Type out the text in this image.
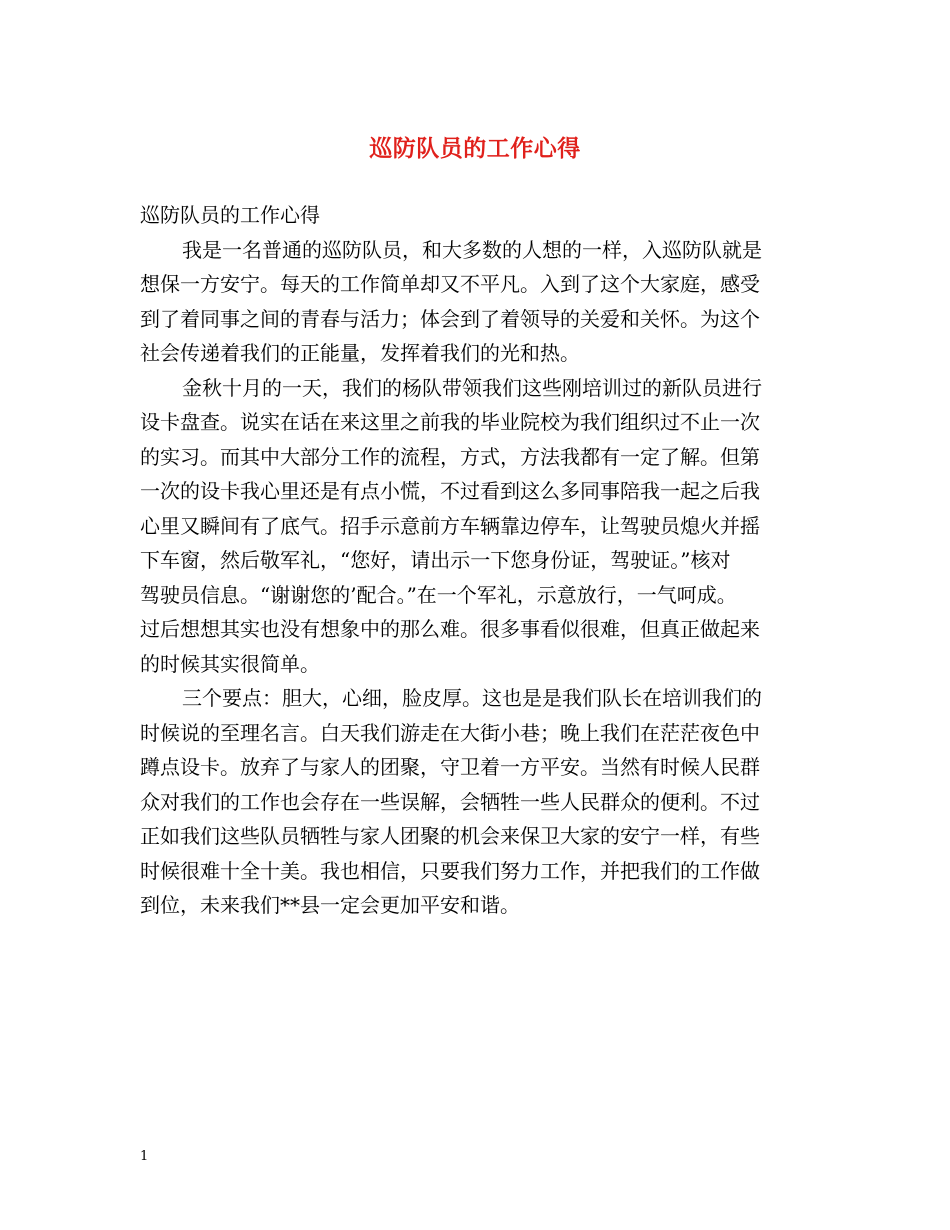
巡防队员的工作心得

巡防队员的工作心得

我是一名普通的巡防队员，和大多数的人想的一样，入巡防队就是
想保一方安宁。每天的工作简单却又不平凡。入到了这个大家庭，感受
到了着同事之间的青春与活力；体会到了着领导的关爱和关怀。为这个
社会传递着我们的正能量，发挥着我们的光和热。

金秋十月的一天，我们的杨队带领我们这些刚培训过的新队员进行
设卡盘查。说实在话在来这里之前我的毕业院校为我们组织过不止一次
的实习。而其中大部分工作的流程，方式，方法我都有一定了解。但第
一次的设卡我心里还是有点小慌，不过看到这么多同事陪我一起之后我
心里又瞬间有了底气。招手示意前方车辆靠边停车，让驾驶员熄火并摇
下车窗，然后敬军礼，“您好，请出示一下您身份证，驾驶证。”核对
驾驶员信息。“谢谢您的’配合。”在一个军礼，示意放行，一气呵成。
过后想想其实也没有想象中的那么难。很多事看似很难，但真正做起来
的时候其实很简单。

三个要点：胆大，心细，脸皮厚。这也是是我们队长在培训我们的
时候说的至理名言。白天我们游走在大街小巷；晚上我们在茫茫夜色中
蹲点设卡。放弃了与家人的团聚，守卫着一方平安。当然有时候人民群
众对我们的工作也会存在一些误解，会牺牲一些人民群众的便利。不过
正如我们这些队员牺牲与家人团聚的机会来保卫大家的安宁一样，有些
时候很难十全十美。我也相信，只要我们努力工作，并把我们的工作做
到位，未来我们**县一定会更加平安和谐。

1
